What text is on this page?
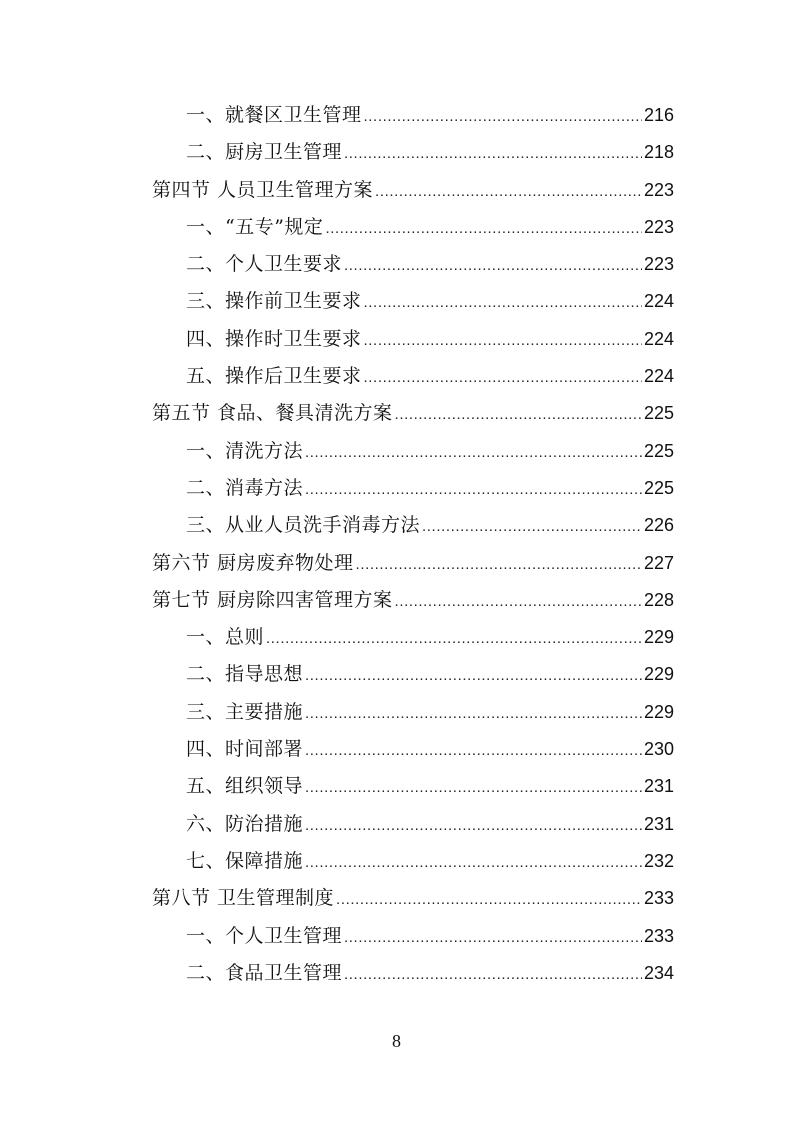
一、就餐区卫生管理 .....	216
二、厨房卫生管理 .....	218
第四节 人员卫生管理方案 .....	223
一、“五专”规定 .....	223
二、个人卫生要求 .....	223
三、操作前卫生要求 .....	224
四、操作时卫生要求 .....	224
五、操作后卫生要求 .....	224
第五节 食品、餐具清洗方案 .....	225
一、清洗方法 .....	225
二、消毒方法 .....	225
三、从业人员洗手消毒方法 .....	226
第六节 厨房废弃物处理 .....	227
第七节 厨房除四害管理方案 .....	228
一、总则 .....	229
二、指导思想 .....	229
三、主要措施 .....	229
四、时间部署 .....	230
五、组织领导 .....	231
六、防治措施 .....	231
七、保障措施 .....	232
第八节 卫生管理制度 .....	233
一、个人卫生管理 .....	233
二、食品卫生管理 .....	234
8
